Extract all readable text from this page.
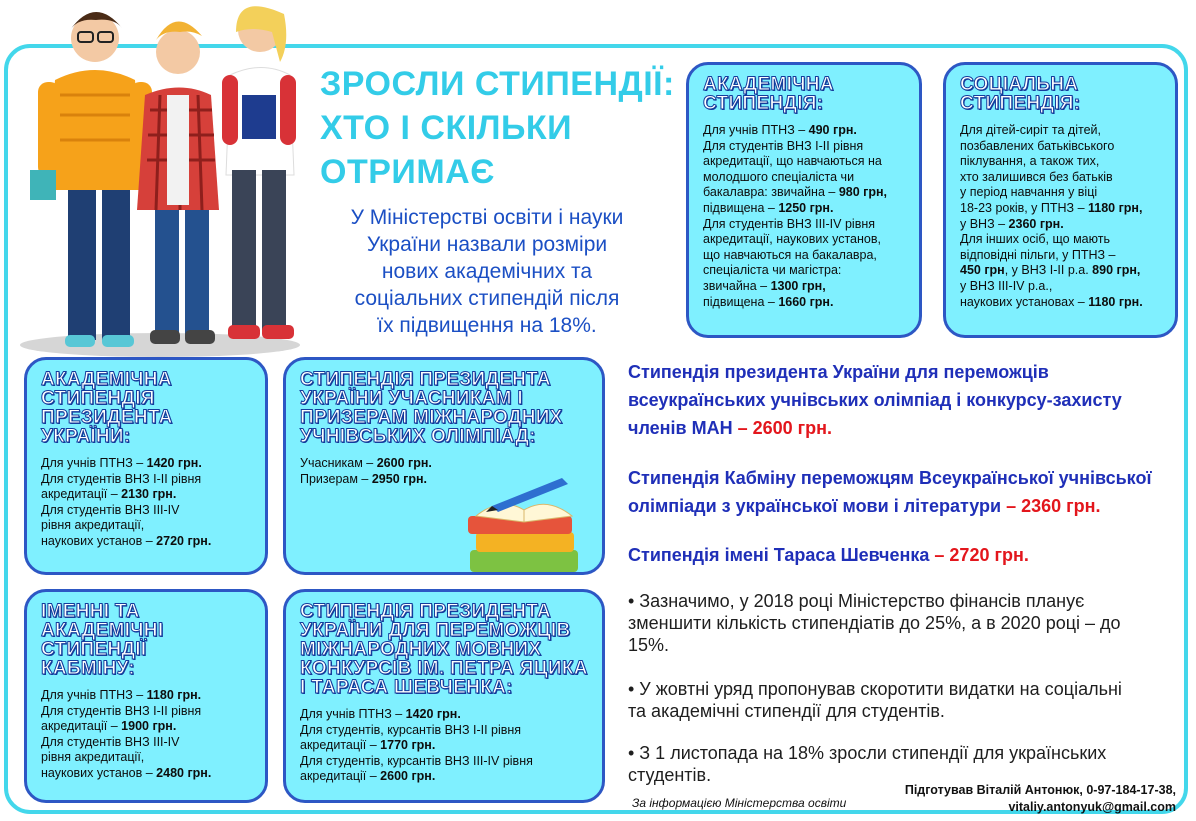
ЗРОСЛИ СТИПЕНДІЇ:
ХТО І СКІЛЬКИ
ОТРИМАЄ
У Міністерстві освіти і науки
України назвали розміри
нових академічних та
соціальних стипендій після
їх підвищення на 18%.
АКАДЕМІЧНА
СТИПЕНДІЯ:
Для учнів ПТНЗ – 490 грн.
Для студентів ВНЗ І-ІІ рівня
акредитації, що навчаються на
молодшого спеціаліста чи
бакалавра: звичайна – 980 грн,
підвищена – 1250 грн.
Для студентів ВНЗ ІІІ-IV рівня
акредитації, наукових установ,
що навчаються на бакалавра,
спеціаліста чи магістра:
звичайна – 1300 грн,
підвищена – 1660 грн.
СОЦІАЛЬНА
СТИПЕНДІЯ:
Для дітей-сиріт та дітей,
позбавлених батьківського
піклування, а також тих,
хто залишився без батьків
у період навчання у віці
18-23 років, у ПТНЗ – 1180 грн,
у ВНЗ – 2360 грн.
Для інших осіб, що мають
відповідні пільги, у ПТНЗ –
450 грн, у ВНЗ І-ІІ р.а. 890 грн,
у ВНЗ ІІІ-IV р.а.,
наукових установах – 1180 грн.
АКАДЕМІЧНА
СТИПЕНДІЯ
ПРЕЗИДЕНТА
УКРАЇНИ:
Для учнів ПТНЗ – 1420 грн.
Для студентів ВНЗ І-ІІ рівня
акредитації – 2130 грн.
Для студентів ВНЗ ІІІ-IV
рівня акредитації,
наукових установ – 2720 грн.
СТИПЕНДІЯ ПРЕЗИДЕНТА
УКРАЇНИ УЧАСНИКАМ І
ПРИЗЕРАМ МІЖНАРОДНИХ
УЧНІВСЬКИХ ОЛІМПІАД:
Учасникам – 2600 грн.
Призерам – 2950 грн.
ІМЕННІ ТА
АКАДЕМІЧНІ
СТИПЕНДІЇ
КАБМІНУ:
Для учнів ПТНЗ – 1180 грн.
Для студентів ВНЗ І-ІІ рівня
акредитації – 1900 грн.
Для студентів ВНЗ ІІІ-IV
рівня акредитації,
наукових установ – 2480 грн.
СТИПЕНДІЯ ПРЕЗИДЕНТА
УКРАЇНИ ДЛЯ ПЕРЕМОЖЦІВ
МІЖНАРОДНИХ МОВНИХ
КОНКУРСІВ ІМ. ПЕТРА ЯЦИКА
І ТАРАСА ШЕВЧЕНКА:
Для учнів ПТНЗ – 1420 грн.
Для студентів, курсантів ВНЗ І-ІІ рівня
акредитації – 1770 грн.
Для студентів, курсантів ВНЗ ІІІ-IV рівня
акредитації – 2600 грн.
Стипендія президента України для переможців
всеукраїнських учнівських олімпіад і конкурсу-захисту
членів МАН – 2600 грн.
Стипендія Кабміну переможцям Всеукраїнської учнівської
олімпіади з української мови і літератури – 2360 грн.
Стипендія імені Тараса Шевченка – 2720 грн.
• Зазначимо, у 2018 році Міністерство фінансів планує
зменшити кількість стипендіатів до 25%, а в 2020 році – до
15%.
• У жовтні уряд пропонував скоротити видатки на соціальні
та академічні стипендії для студентів.
• З 1 листопада на 18% зросли стипендії для українських
студентів.
За інформацією Міністерства освіти
Підготував Віталій Антонюк, 0-97-184-17-38,
vitaliy.antonyuk@gmail.com
